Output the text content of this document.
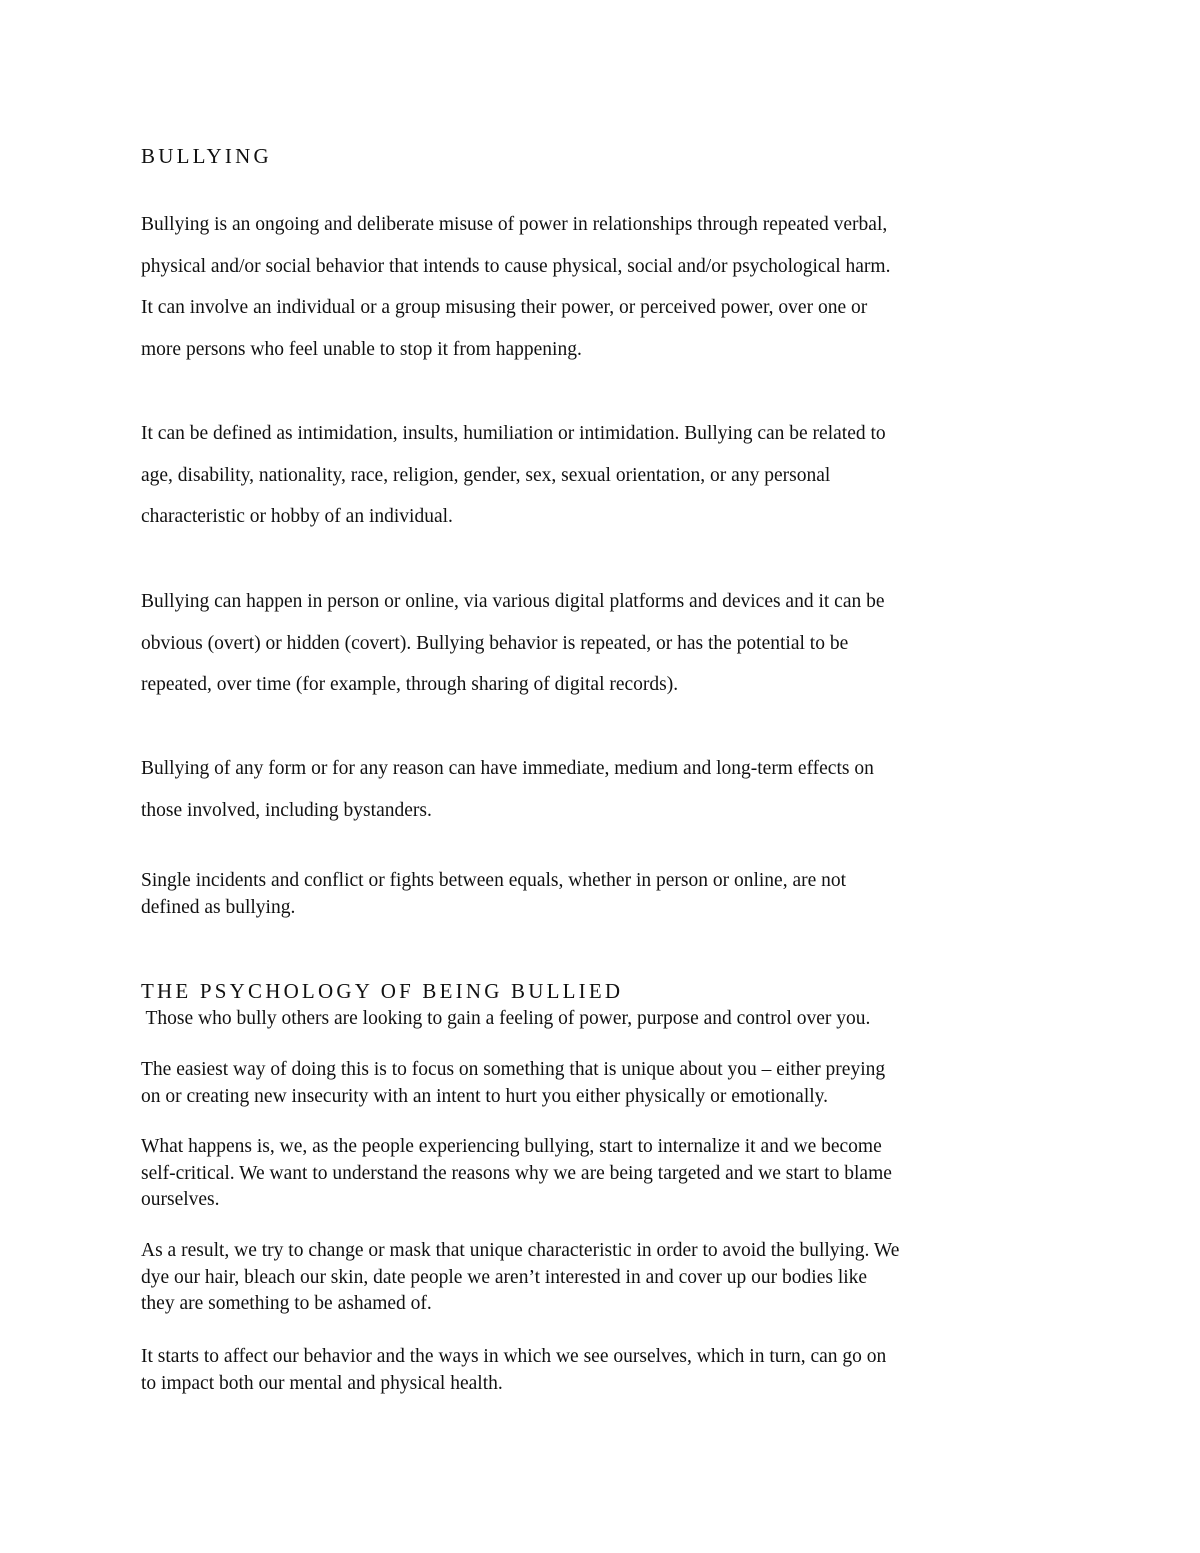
BULLYING

Bullying is an ongoing and deliberate misuse of power in relationships through repeated verbal,
physical and/or social behavior that intends to cause physical, social and/or psychological harm.
It can involve an individual or a group misusing their power, or perceived power, over one or
more persons who feel unable to stop it from happening.

It can be defined as intimidation, insults, humiliation or intimidation. Bullying can be related to
age, disability, nationality, race, religion, gender, sex, sexual orientation, or any personal
characteristic or hobby of an individual.

Bullying can happen in person or online, via various digital platforms and devices and it can be
obvious (overt) or hidden (covert). Bullying behavior is repeated, or has the potential to be
repeated, over time (for example, through sharing of digital records).

Bullying of any form or for any reason can have immediate, medium and long-term effects on
those involved, including bystanders.

Single incidents and conflict or fights between equals, whether in person or online, are not
defined as bullying.

THE PSYCHOLOGY OF BEING BULLIED

Those who bully others are looking to gain a feeling of power, purpose and control over you.

The easiest way of doing this is to focus on something that is unique about you – either preying
on or creating new insecurity with an intent to hurt you either physically or emotionally.

What happens is, we, as the people experiencing bullying, start to internalize it and we become
self-critical. We want to understand the reasons why we are being targeted and we start to blame
ourselves.

As a result, we try to change or mask that unique characteristic in order to avoid the bullying. We
dye our hair, bleach our skin, date people we aren’t interested in and cover up our bodies like
they are something to be ashamed of.

It starts to affect our behavior and the ways in which we see ourselves, which in turn, can go on
to impact both our mental and physical health.
